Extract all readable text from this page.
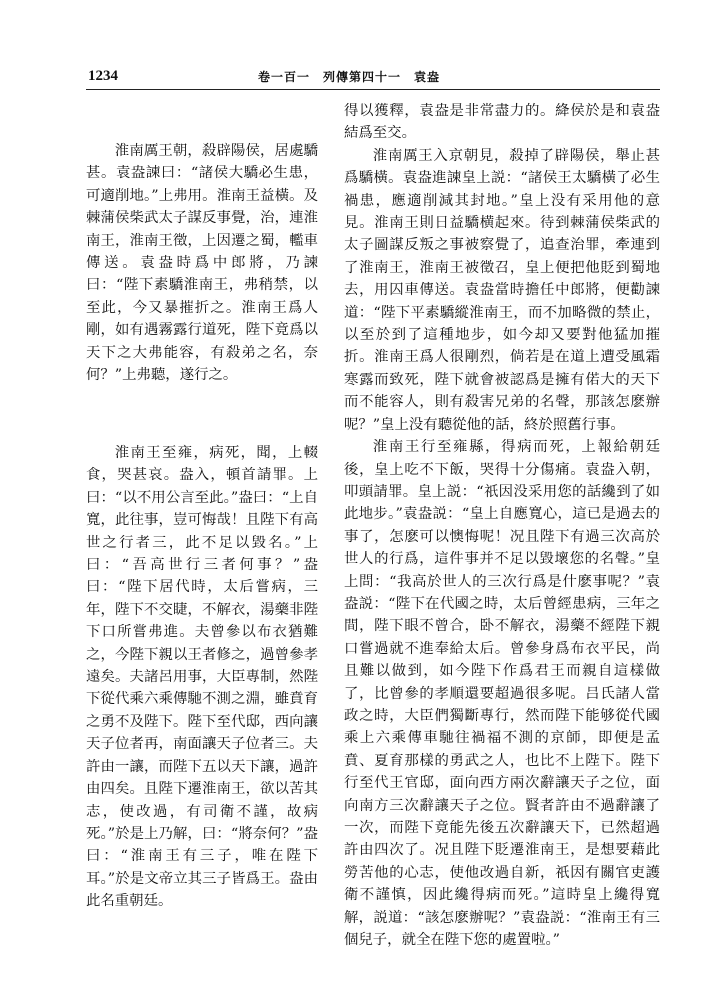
1234	卷一百一　列傳第四十一　袁盎

淮南厲王朝，殺辟陽侯，居處驕甚。袁盎諫曰：“諸侯大驕必生患，可適削地。”上弗用。淮南王益橫。及棘蒲侯柴武太子謀反事覺，治，連淮南王，淮南王徵，上因遷之蜀，轞車傳送。袁盎時爲中郎將，乃諫曰：“陛下素驕淮南王，弗稍禁，以至此，今又暴摧折之。淮南王爲人剛，如有遇霧露行道死，陛下竟爲以天下之大弗能容，有殺弟之名，奈何？”上弗聽，遂行之。

淮南王至雍，病死，聞，上輟食，哭甚哀。盎入，頓首請罪。上曰：“以不用公言至此。”盎曰：“上自寬，此往事，豈可悔哉！且陛下有高世之行者三，此不足以毀名。”上曰：“吾高世行三者何事？”盎曰：“陛下居代時，太后嘗病，三年，陛下不交睫，不解衣，湯藥非陛下口所嘗弗進。夫曾參以布衣猶難之，今陛下親以王者修之，過曾參孝遠矣。夫諸呂用事，大臣專制，然陛下從代乘六乘傳馳不測之淵，雖賁育之勇不及陛下。陛下至代邸，西向讓天子位者再，南面讓天子位者三。夫許由一讓，而陛下五以天下讓，過許由四矣。且陛下遷淮南王，欲以苦其志，使改過，有司衛不謹，故病死。”於是上乃解，曰：“將奈何？”盎曰：“淮南王有三子，唯在陛下耳。”於是文帝立其三子皆爲王。盎由此名重朝廷。

得以獲釋，袁盎是非常盡力的。絳侯於是和袁盎結爲至交。

淮南厲王入京朝見，殺掉了辟陽侯，舉止甚爲驕橫。袁盎進諫皇上説：“諸侯王太驕橫了必生禍患，應適削減其封地。”皇上没有采用他的意見。淮南王則日益驕横起來。待到棘蒲侯柴武的太子圖謀反叛之事被察覺了，追查治罪，牽連到了淮南王，淮南王被徵召，皇上便把他貶到蜀地去，用囚車傳送。袁盎當時擔任中郎將，便勸諫道：“陛下平素驕縱淮南王，而不加略微的禁止，以至於到了這種地步，如今却又要對他猛加摧折。淮南王爲人很剛烈，倘若是在道上遭受風霜寒露而致死，陛下就會被認爲是擁有偌大的天下而不能容人，則有殺害兄弟的名聲，那該怎麽辦呢？”皇上没有聽從他的話，終於照舊行事。

淮南王行至雍縣，得病而死，上報給朝廷後，皇上吃不下飯，哭得十分傷痛。袁盎入朝，叩頭請罪。皇上説：“祇因没采用您的話纔到了如此地步。”袁盎説：“皇上自應寬心，這已是過去的事了，怎麽可以懊悔呢！况且陛下有過三次高於世人的行爲，這件事并不足以毀壞您的名聲。”皇上問：“我高於世人的三次行爲是什麽事呢？”袁盎説：“陛下在代國之時，太后曾經患病，三年之間，陛下眼不曾合，卧不解衣，湯藥不經陛下親口嘗過就不進奉給太后。曾參身爲布衣平民，尚且難以做到，如今陛下作爲君王而親自這樣做了，比曾參的孝順還要超過很多呢。吕氏諸人當政之時，大臣們獨斷專行，然而陛下能够從代國乘上六乘傳車馳往禍福不測的京師，即便是孟賁、夏育那樣的勇武之人，也比不上陛下。陛下行至代王官邸，面向西方兩次辭讓天子之位，面向南方三次辭讓天子之位。賢者許由不過辭讓了一次，而陛下竟能先後五次辭讓天下，已然超過許由四次了。况且陛下貶遷淮南王，是想要藉此勞苦他的心志，使他改過自新，祇因有關官吏護衛不謹慎，因此纔得病而死。”這時皇上纔得寬解，説道：“該怎麽辦呢？”袁盎説：“淮南王有三個兒子，就全在陛下您的處置啦。”
